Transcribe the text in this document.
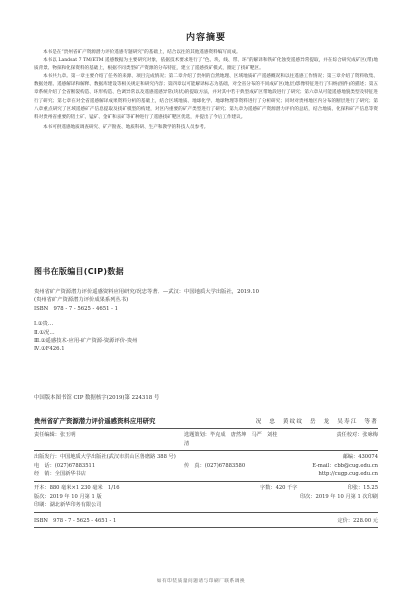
内容摘要

本书是在“贵州省矿产资源潜力评价遥感专题研究”的基础上，结合以往的其他遥感资料编写而成。

本书以 Landsat 7 TM/ETM 遥感数据为主要研究对象，依据技术要求进行了“色、块、线、带、环”的解译和铁矿化蚀变遥感异常提取，并在综合研究成矿区(带)地质背景、物探和化探资料的基础上，根据不同类型矿产资源的分布特征，建立了遥感找矿模式，圈定了找矿靶区。

本书共九章。第一章主要介绍了任务的来源、项目完成情况；第二章介绍了贵州的自然地理、区域地质矿产遥感概况和以往遥感工作情况；第三章介绍了资料收集、数据处理、遥感解译和解释、数据库建设等相关规定和研究内容；第四章以可能解译标志为基础，对全省分布的不同成矿区(地层)影像特征进行了归纳(图件)的描述；第五章系统介绍了全省断裂构造、环形构造、色调异常以及遥感遥感异常(块状)的提取方法，并对其中若干典型成矿区带地段进行了研究；第六章从可能遥感地貌类型及特征进行了研究；第七章在对全省遥感解译成果资料分析的基础上，结合区域地质、地球化学、地球物理等资料进行了分析研究；同时对贵州地区内分布的断层进行了研究；第八章重点研究了区域遥感矿产信息提取及找矿模型的构建，对区内重要的矿产类型进行了研究；第九章为遥感矿产资源潜力评价的总结，结合地质、化探和矿产信息等资料对贵州省重要的铝土矿、锰矿、金矿和汞矿等矿种进行了遥感找矿靶区优选，并提出了今后工作建议。

本书可供遥感地质调查研究、矿产勘查、地质科研、生产和教学的科技人员参考。

图书在版编目(CIP)数据
贵州省矿产资源潜力评价遥感资料应用研究/况忠等著．—武汉：中国地质大学出版社，2019.10
(贵州省矿产资源潜力评价成果系列丛书)
ISBN　978 - 7 - 5625 - 4651 - 1
Ⅰ.①贵…
Ⅱ.①况…
Ⅲ.①遥感技术-应用-矿产资源-资源评价-贵州
Ⅳ.①F426.1
中国版本图书馆 CIP 数据核字(2019)第 224318 号
贵州省矿产资源潜力评价遥感资料应用研究	况　忠　黄纹纹　岳　龙　吴寿江　等著
责任编辑：张玉明	选题策划：毕克成　唐然坤　马严　刘桂清
责任校对：张咏梅
出版发行：中国地质大学出版社(武汉市洪山区鲁磨路 388 号)	邮编：430074
电　话：(027)67883511	传　真：(027)67883580	E-mail：cbb@cug.edu.cn
经　销：全国新华书店	http://cugp.cug.edu.cn
开本：880 毫米×1 230 毫米　1/16	字数：420 千字	印张：15.25
版次：2019 年 10 月第 1 版	印次：2019 年 10 月第 1 次印刷
印刷：湖北新华印务有限公司
ISBN　978 - 7 - 5625 - 4651 - 1	定价：228.00 元
如有印装质量问题请与印刷厂联系调换
